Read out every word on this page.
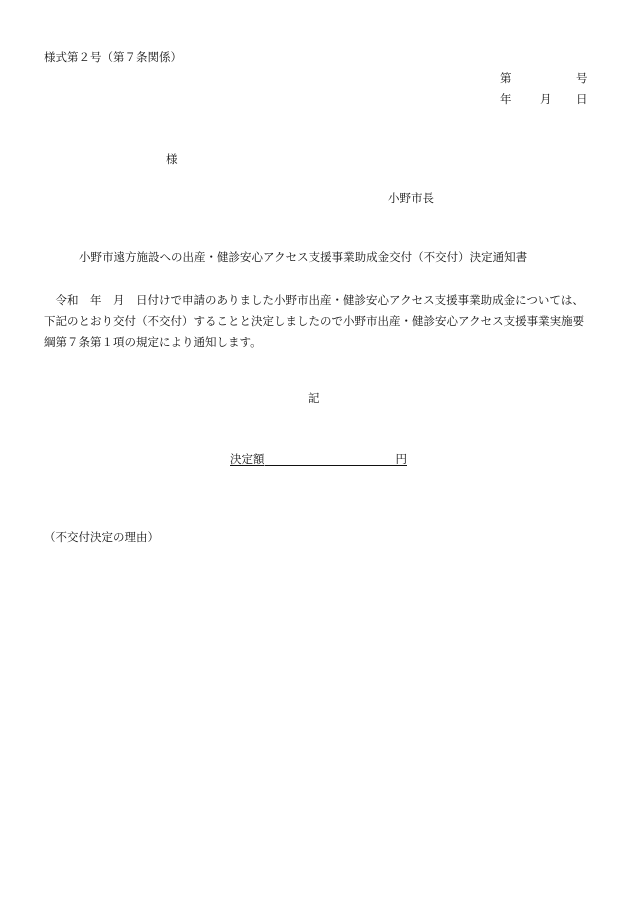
様式第２号（第７条関係）
第	号
年 月 日
様
小野市長
小野市遠方施設への出産・健診安心アクセス支援事業助成金交付（不交付）決定通知書
令和　年　月　日付けで申請のありました小野市出産・健診安心アクセス支援事業助成金については、下記のとおり交付（不交付）することと決定しましたので小野市出産・健診安心アクセス支援事業実施要綱第７条第１項の規定により通知します。
記
決定額	円
（不交付決定の理由）
